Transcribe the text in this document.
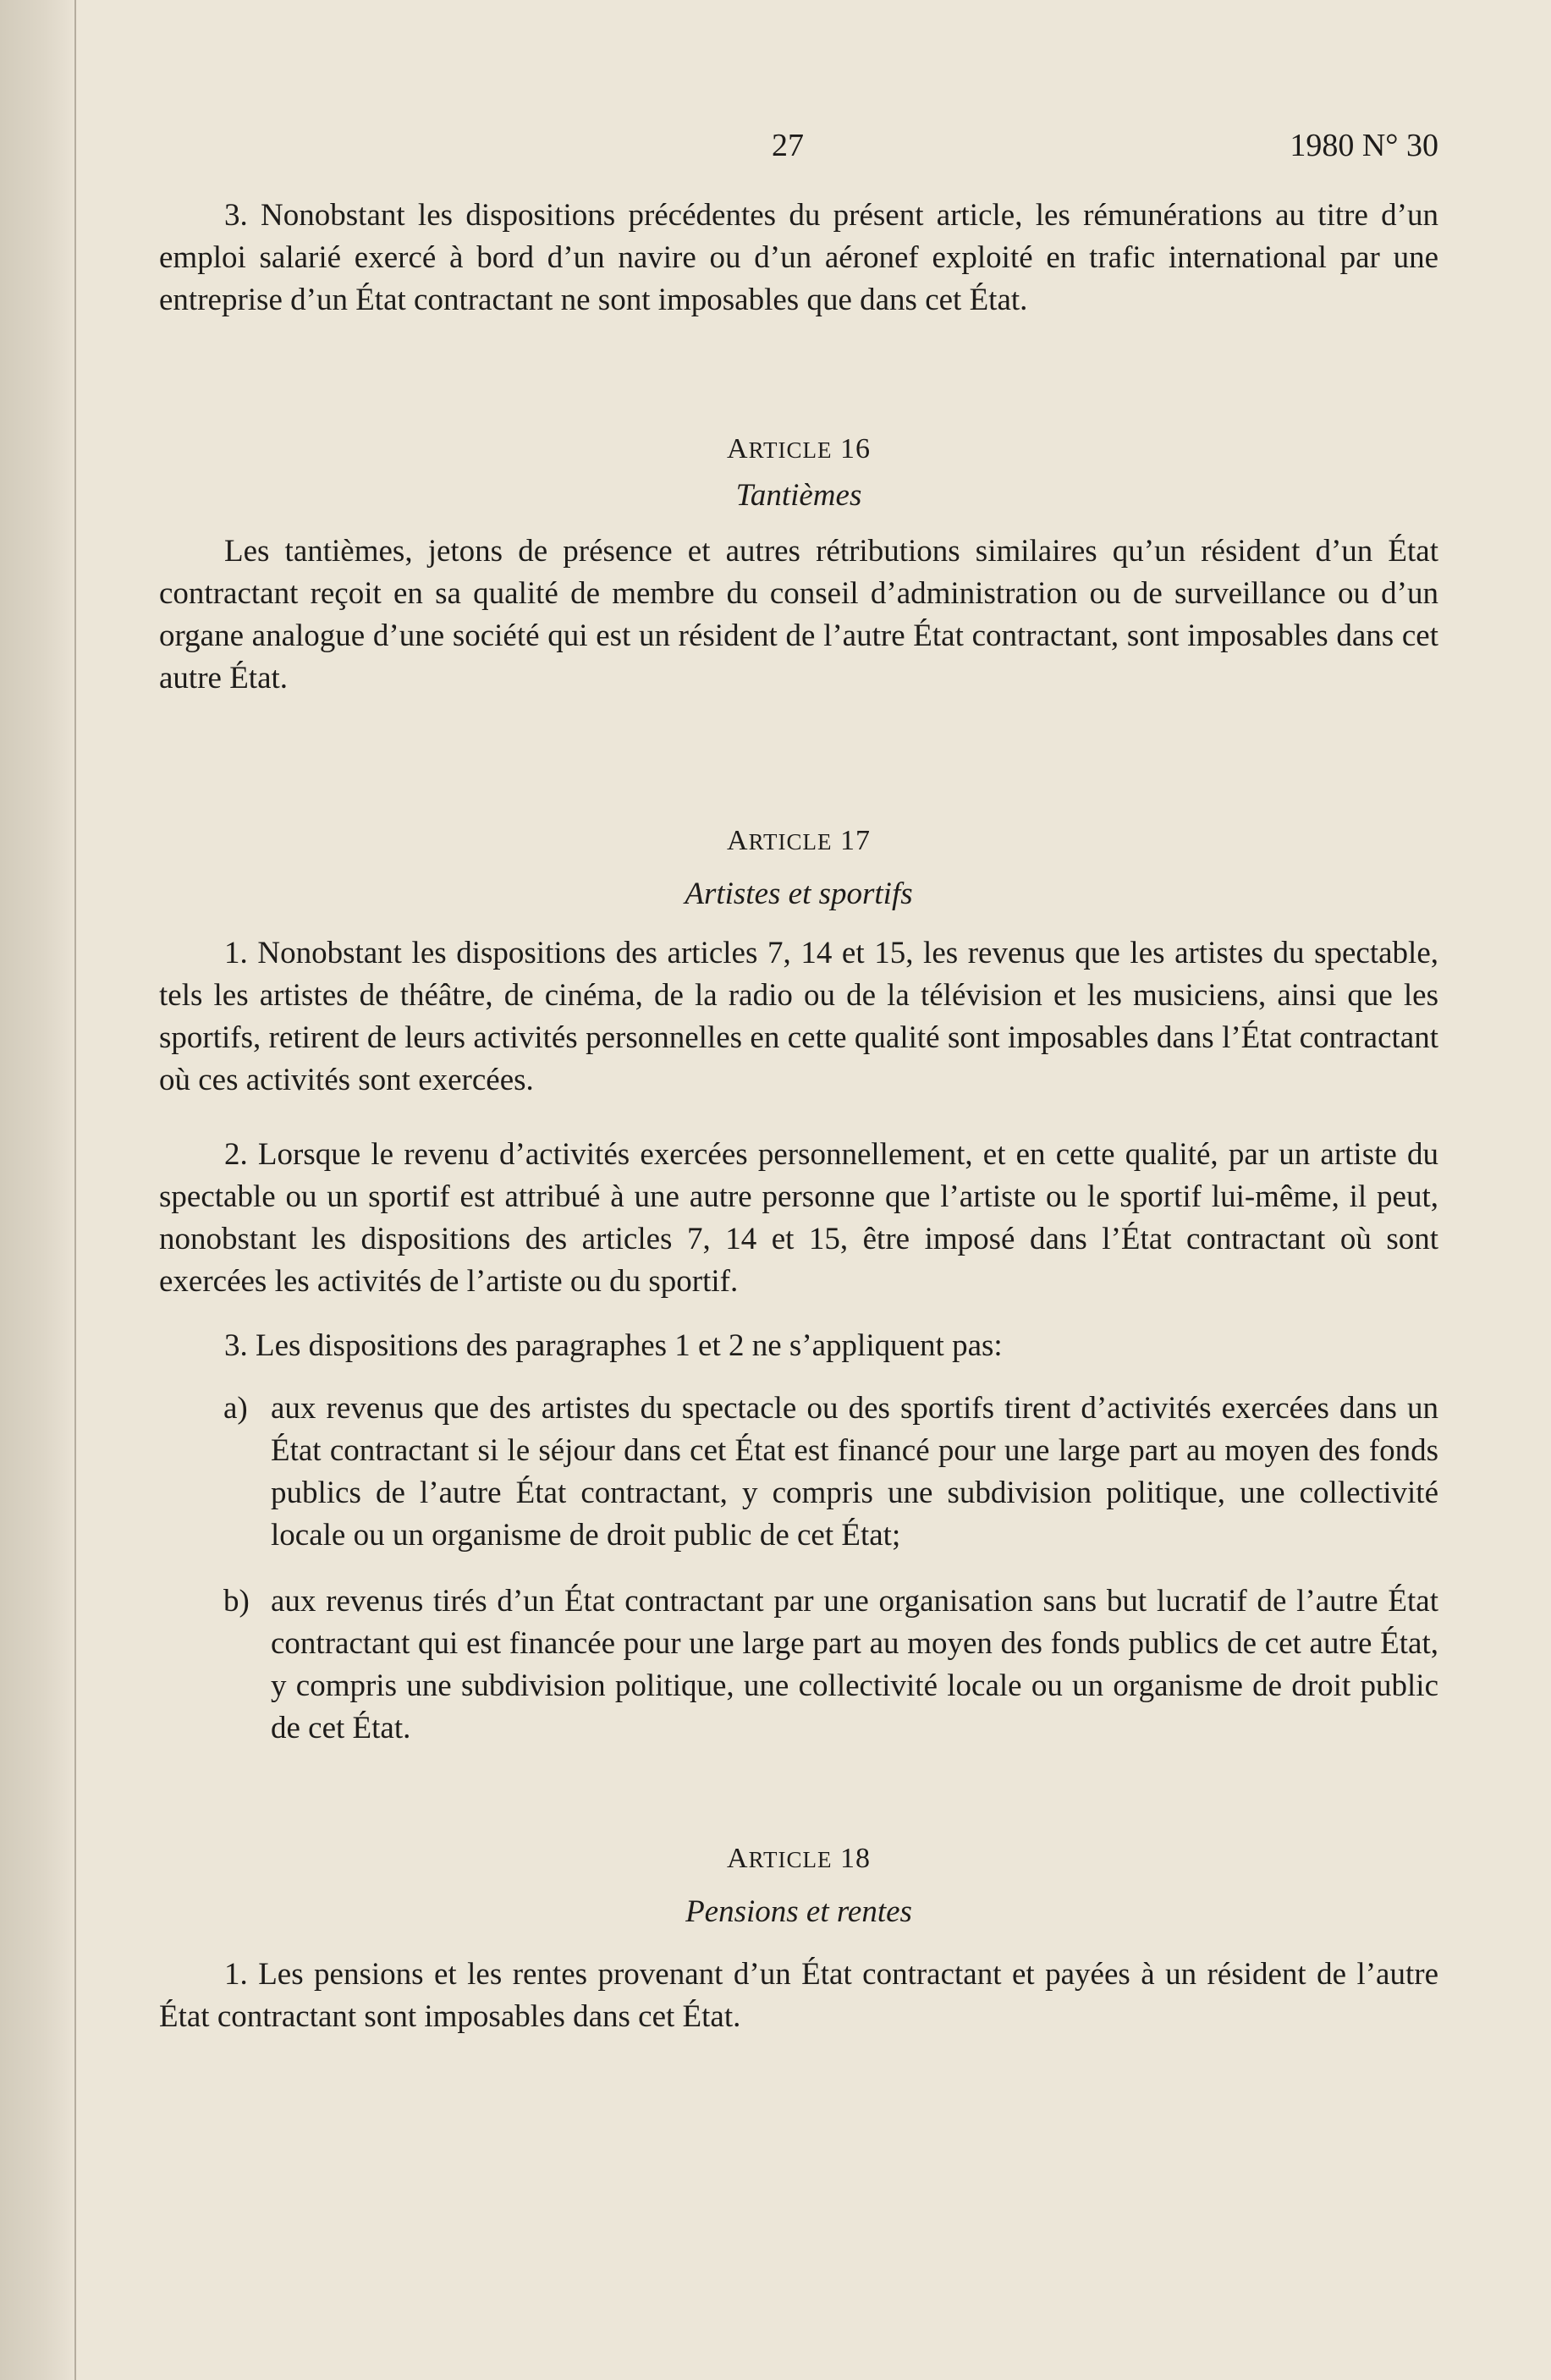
27	1980 N° 30

3. Nonobstant les dispositions précédentes du présent article, les rémunérations au titre d’un emploi salarié exercé à bord d’un navire ou d’un aéronef exploité en trafic international par une entreprise d’un État contractant ne sont imposables que dans cet État.

ARTICLE 16
Tantièmes

Les tantièmes, jetons de présence et autres rétributions similaires qu’un résident d’un État contractant reçoit en sa qualité de membre du conseil d’administration ou de surveillance ou d’un organe analogue d’une société qui est un résident de l’autre État contractant, sont imposables dans cet autre État.

ARTICLE 17
Artistes et sportifs

1. Nonobstant les dispositions des articles 7, 14 et 15, les revenus que les artistes du spectable, tels les artistes de théâtre, de cinéma, de la radio ou de la télévision et les musiciens, ainsi que les sportifs, retirent de leurs activités personnelles en cette qualité sont imposables dans l’État contractant où ces activités sont exercées.

2. Lorsque le revenu d’activités exercées personnellement, et en cette qualité, par un artiste du spectable ou un sportif est attribué à une autre personne que l’artiste ou le sportif lui-même, il peut, nonobstant les dispositions des articles 7, 14 et 15, être imposé dans l’État contractant où sont exercées les activités de l’artiste ou du sportif.

3. Les dispositions des paragraphes 1 et 2 ne s’appliquent pas:

a) aux revenus que des artistes du spectacle ou des sportifs tirent d’activités exercées dans un État contractant si le séjour dans cet État est financé pour une large part au moyen des fonds publics de l’autre État contractant, y compris une subdivision politique, une collectivité locale ou un organisme de droit public de cet État;

b) aux revenus tirés d’un État contractant par une organisation sans but lucratif de l’autre État contractant qui est financée pour une large part au moyen des fonds publics de cet autre État, y compris une subdivision politique, une collectivité locale ou un organisme de droit public de cet État.

ARTICLE 18
Pensions et rentes

1. Les pensions et les rentes provenant d’un État contractant et payées à un résident de l’autre État contractant sont imposables dans cet État.
